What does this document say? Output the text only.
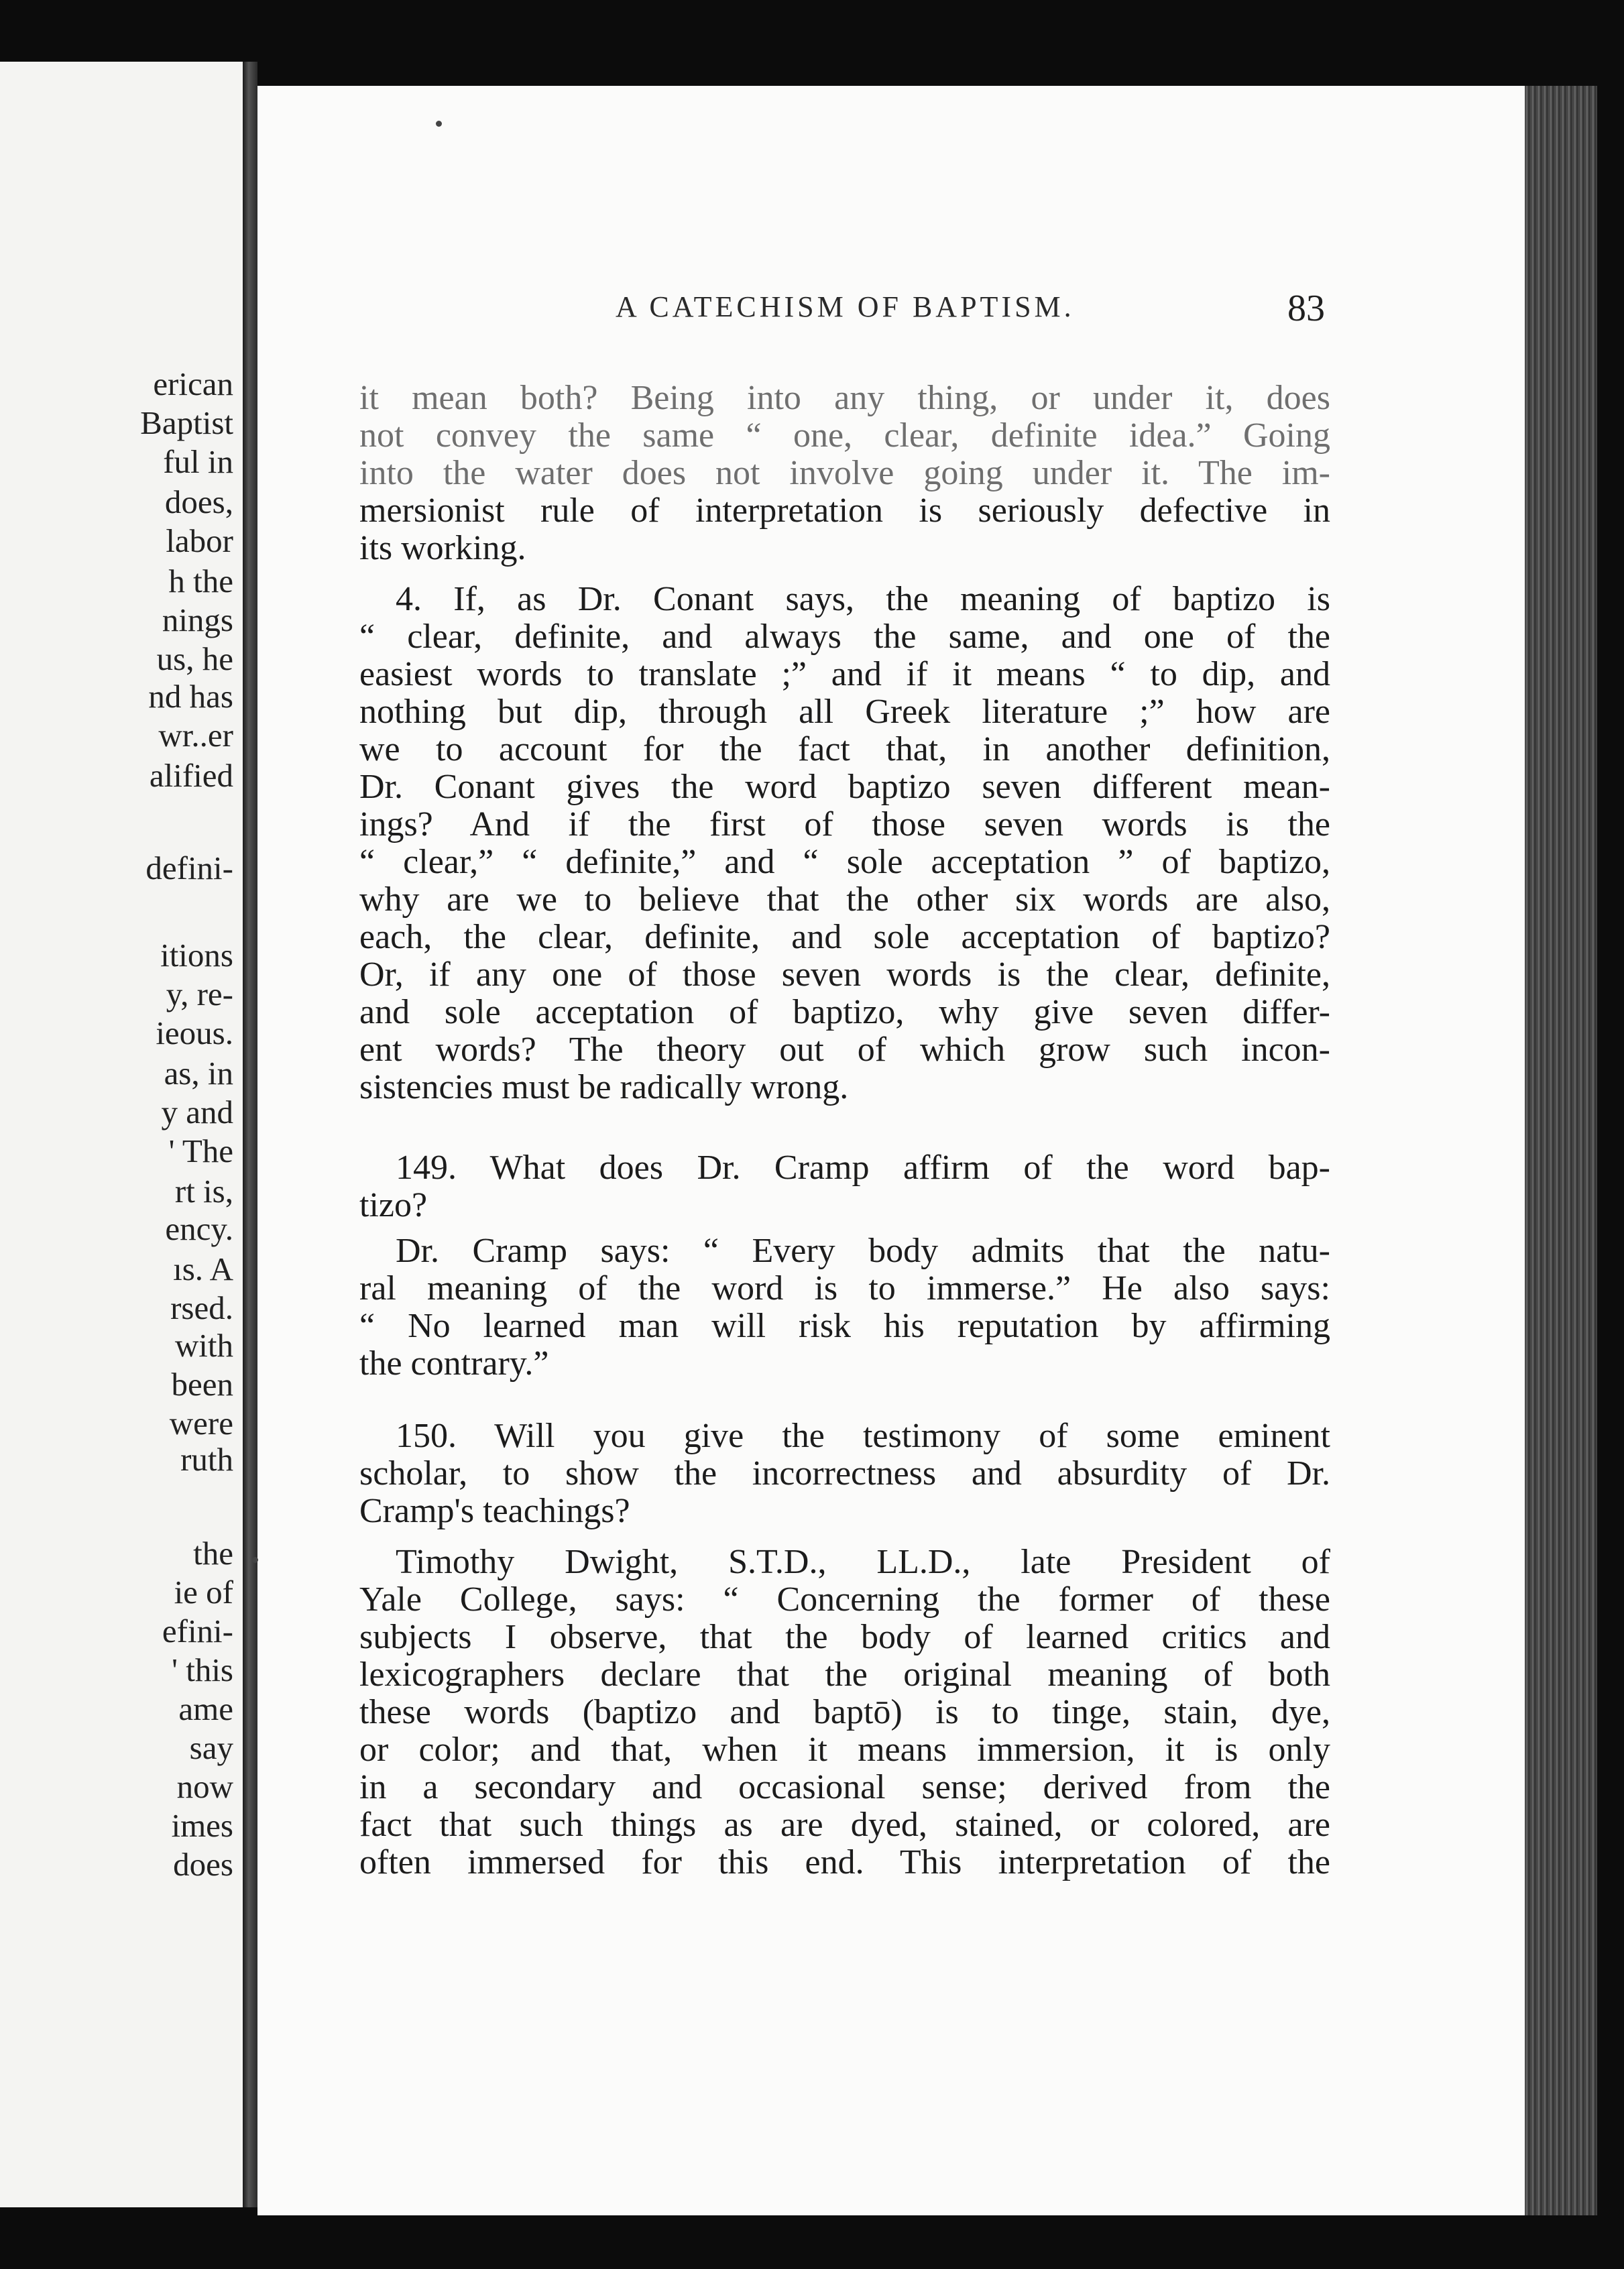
erican
Baptist
ful in
does,
labor
h the
nings
us, he
nd has
wr..er
alified
defini-
itions
y, re-
ieous.
as, in
y and
' The
rt is,
ency.
ıs. A
rsed.
with
been
were
ruth
the
ie of
efini-
' this
ame
say
now
imes
does
A CATECHISM OF BAPTISM.	83
it mean both? Being into any thing, or under it, does
not convey the same “ one, clear, definite idea.” Going
into the water does not involve going under it. The im-
mersionist rule of interpretation is seriously defective in
its working.
4. If, as Dr. Conant says, the meaning of baptizo is
“ clear, definite, and always the same, and one of the
easiest words to translate ;” and if it means “ to dip, and
nothing but dip, through all Greek literature ;” how are
we to account for the fact that, in another definition,
Dr. Conant gives the word baptizo seven different mean-
ings? And if the first of those seven words is the
“ clear,” “ definite,” and “ sole acceptation ” of baptizo,
why are we to believe that the other six words are also,
each, the clear, definite, and sole acceptation of baptizo?
Or, if any one of those seven words is the clear, definite,
and sole acceptation of baptizo, why give seven differ-
ent words? The theory out of which grow such incon-
sistencies must be radically wrong.
149. What does Dr. Cramp affirm of the word bap-
tizo?
Dr. Cramp says: “ Every body admits that the natu-
ral meaning of the word is to immerse.” He also says:
“ No learned man will risk his reputation by affirming
the contrary.”
150. Will you give the testimony of some eminent
scholar, to show the incorrectness and absurdity of Dr.
Cramp's teachings?
Timothy Dwight, S.T.D., LL.D., late President of
Yale College, says: “ Concerning the former of these
subjects I observe, that the body of learned critics and
lexicographers declare that the original meaning of both
these words (baptizo and baptō) is to tinge, stain, dye,
or color; and that, when it means immersion, it is only
in a secondary and occasional sense; derived from the
fact that such things as are dyed, stained, or colored, are
often immersed for this end. This interpretation of the
